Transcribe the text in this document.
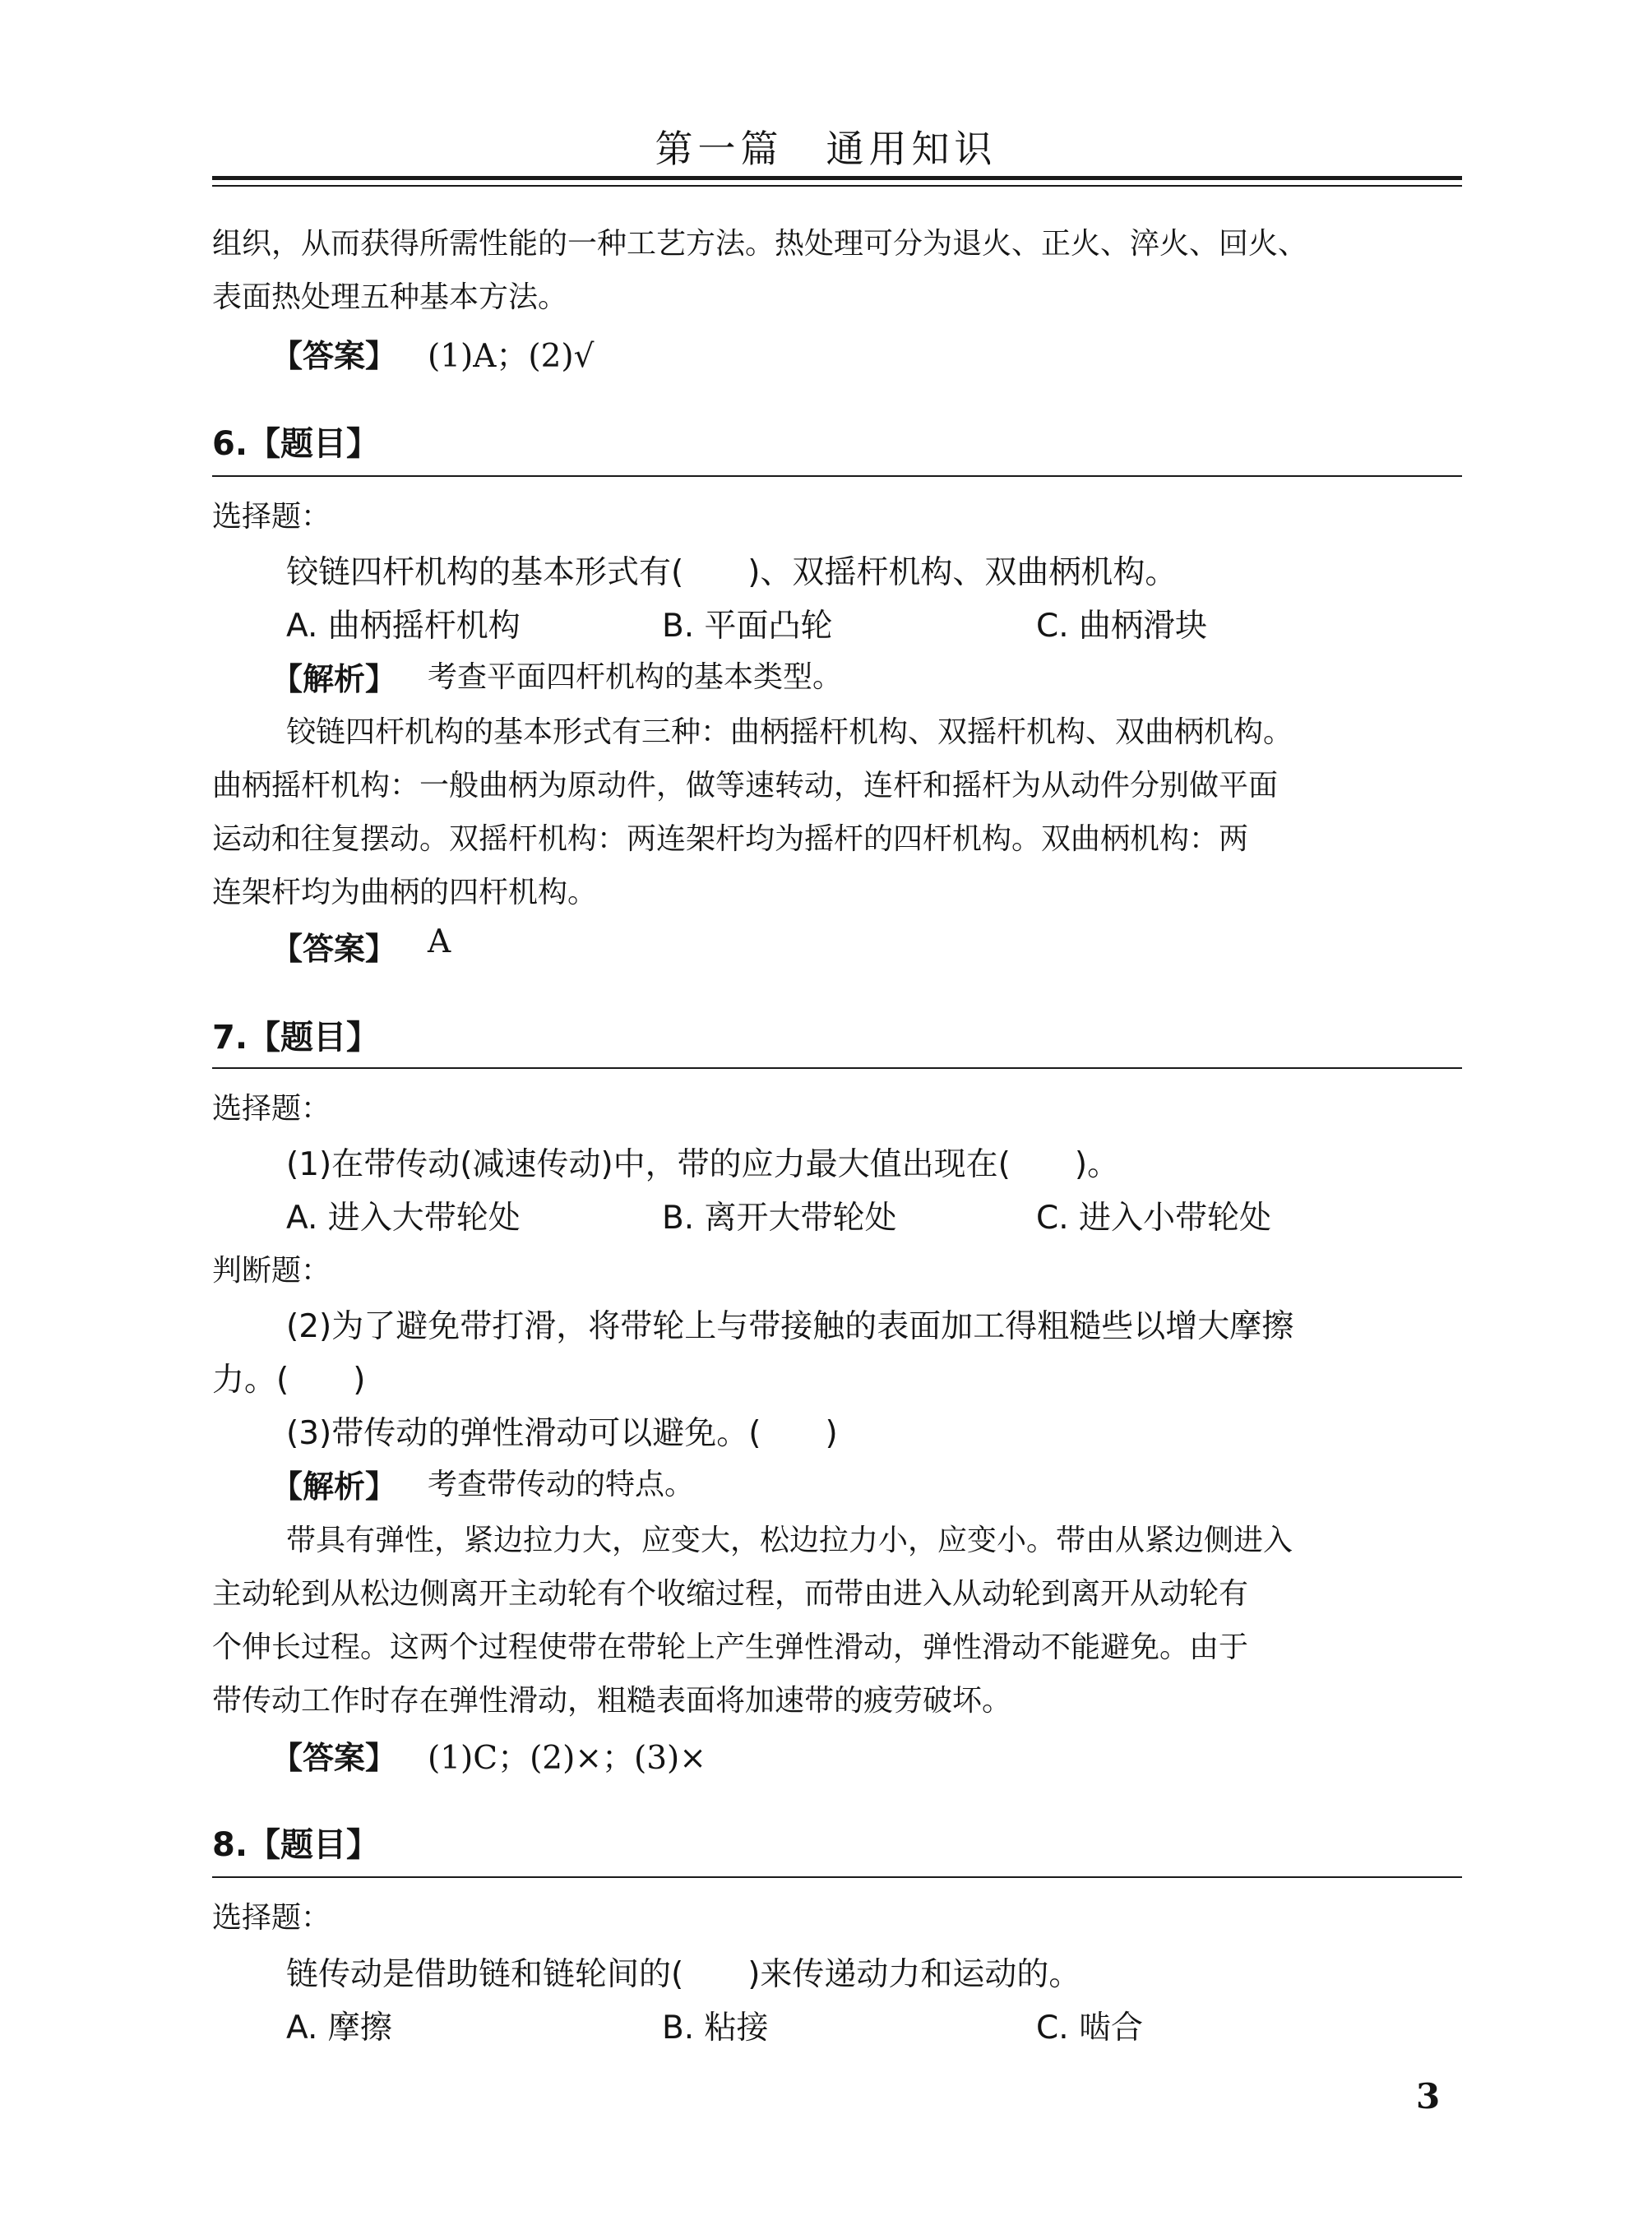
第一篇　通用知识
组织，从而获得所需性能的一种工艺方法。热处理可分为退火、正火、淬火、回火、
表面热处理五种基本方法。
【答案】 (1)A；(2)√
6.【题目】
选择题：
铰链四杆机构的基本形式有(　　)、双摇杆机构、双曲柄机构。
A. 曲柄摇杆机构	B. 平面凸轮	C. 曲柄滑块
【解析】 考查平面四杆机构的基本类型。
铰链四杆机构的基本形式有三种：曲柄摇杆机构、双摇杆机构、双曲柄机构。
曲柄摇杆机构：一般曲柄为原动件，做等速转动，连杆和摇杆为从动件分别做平面
运动和往复摆动。双摇杆机构：两连架杆均为摇杆的四杆机构。双曲柄机构：两
连架杆均为曲柄的四杆机构。
【答案】 A
7.【题目】
选择题：
(1)在带传动(减速传动)中，带的应力最大值出现在(　　)。
A. 进入大带轮处	B. 离开大带轮处	C. 进入小带轮处
判断题：
(2)为了避免带打滑，将带轮上与带接触的表面加工得粗糙些以增大摩擦
力。(　　)
(3)带传动的弹性滑动可以避免。(　　)
【解析】 考查带传动的特点。
带具有弹性，紧边拉力大，应变大，松边拉力小，应变小。带由从紧边侧进入
主动轮到从松边侧离开主动轮有个收缩过程，而带由进入从动轮到离开从动轮有
个伸长过程。这两个过程使带在带轮上产生弹性滑动，弹性滑动不能避免。由于
带传动工作时存在弹性滑动，粗糙表面将加速带的疲劳破坏。
【答案】 (1)C；(2)×；(3)×
8.【题目】
选择题：
链传动是借助链和链轮间的(　　)来传递动力和运动的。
A. 摩擦	B. 粘接	C. 啮合
3
